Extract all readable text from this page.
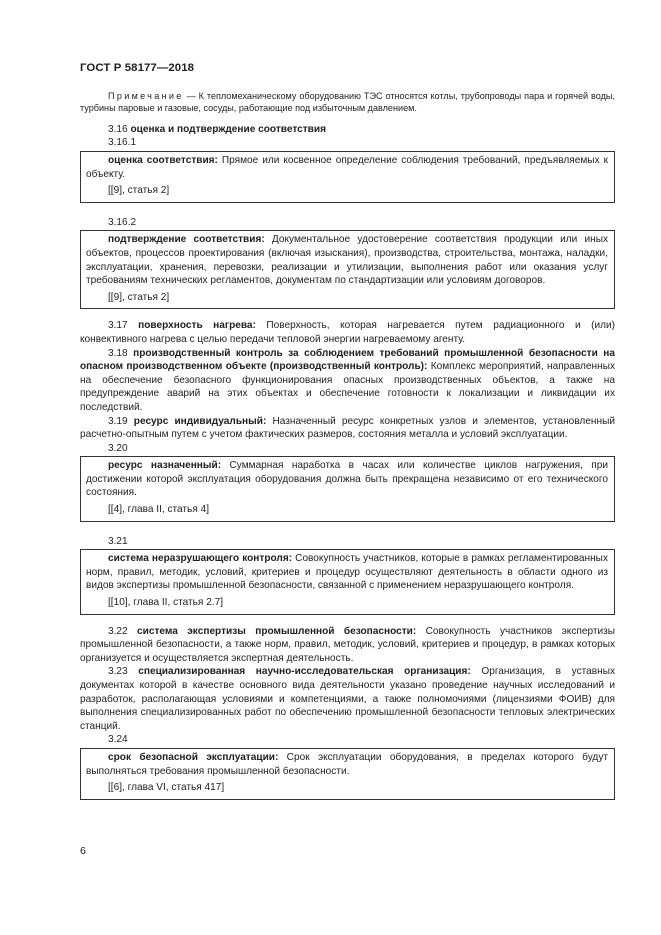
ГОСТ Р 58177—2018

Примечание — К тепломеханическому оборудованию ТЭС относятся котлы, трубопроводы пара и горячей воды, турбины паровые и газовые, сосуды, работающие под избыточным давлением.

3.16 оценка и подтверждение соответствия

3.16.1

оценка соответствия: Прямое или косвенное определение соблюдения требований, предъявляемых к объекту.

[[9], статья 2]
3.16.2

подтверждение соответствия: Документальное удостоверение соответствия продукции или иных объектов, процессов проектирования (включая изыскания), производства, строительства, монтажа, наладки, эксплуатации, хранения, перевозки, реализации и утилизации, выполнения работ или оказания услуг требованиям технических регламентов, документам по стандартизации или условиям договоров.

[[9], статья 2]

3.17 поверхность нагрева: Поверхность, которая нагревается путем радиационного и (или) конвективного нагрева с целью передачи тепловой энергии нагреваемому агенту.

3.18 производственный контроль за соблюдением требований промышленной безопасности на опасном производственном объекте (производственный контроль): Комплекс мероприятий, направленных на обеспечение безопасного функционирования опасных производственных объектов, а также на предупреждение аварий на этих объектах и обеспечение готовности к локализации и ликвидации их последствий.

3.19 ресурс индивидуальный: Назначенный ресурс конкретных узлов и элементов, установленный расчетно-опытным путем с учетом фактических размеров, состояния металла и условий эксплуатации.

3.20

ресурс назначенный: Суммарная наработка в часах или количестве циклов нагружения, при достижении которой эксплуатация оборудования должна быть прекращена независимо от его технического состояния.

[[4], глава II, статья 4]
3.21

система неразрушающего контроля: Совокупность участников, которые в рамках регламентированных норм, правил, методик, условий, критериев и процедур осуществляют деятельность в области одного из видов экспертизы промышленной безопасности, связанной с применением неразрушающего контроля.

[[10], глава II, статья 2.7]

3.22 система экспертизы промышленной безопасности: Совокупность участников экспертизы промышленной безопасности, а также норм, правил, методик, условий, критериев и процедур, в рамках которых организуется и осуществляется экспертная деятельность.

3.23 специализированная научно-исследовательская организация: Организация, в уставных документах которой в качестве основного вида деятельности указано проведение научных исследований и разработок, располагающая условиями и компетенциями, а также полномочиями (лицензиями ФОИВ) для выполнения специализированных работ по обеспечению промышленной безопасности тепловых электрических станций.

3.24

срок безопасной эксплуатации: Срок эксплуатации оборудования, в пределах которого будут выполняться требования промышленной безопасности.

[[6], глава VI, статья 417]
6
